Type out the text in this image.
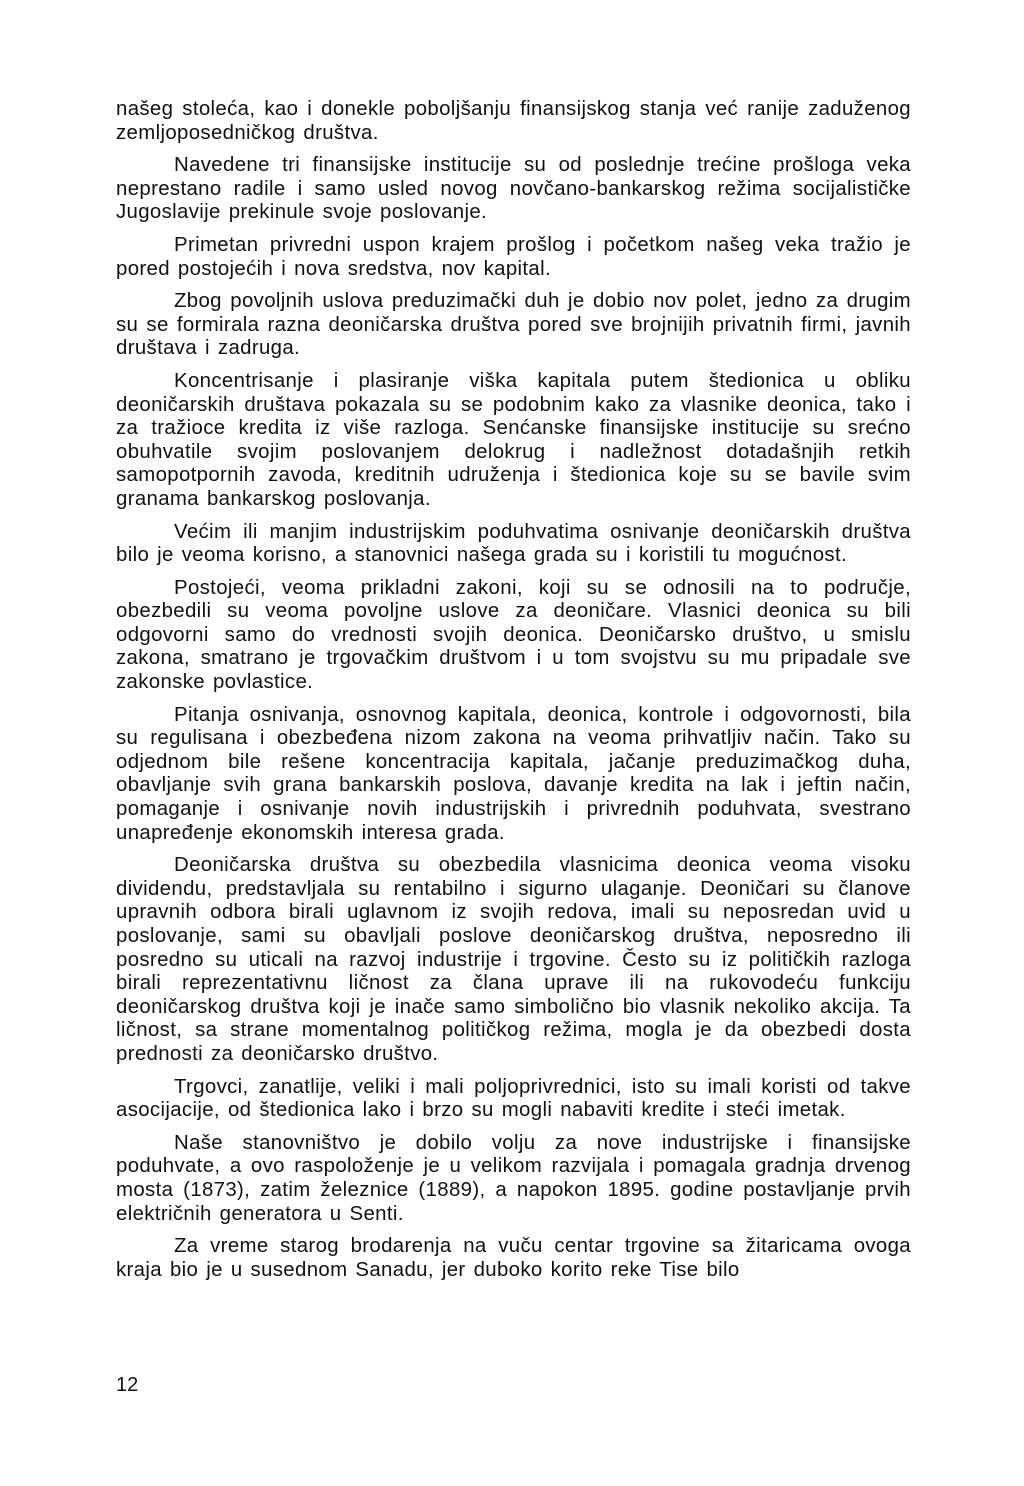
našeg stoleća, kao i donekle poboljšanju finansijskog stanja već ranije zaduženog zemljoposedničkog društva.

Navedene tri finansijske institucije su od poslednje trećine prošloga veka neprestano radile i samo usled novog novčano-bankarskog režima socijalističke Jugoslavije prekinule svoje poslovanje.

Primetan privredni uspon krajem prošlog i početkom našeg veka tražio je pored postojećih i nova sredstva, nov kapital.

Zbog povoljnih uslova preduzimački duh je dobio nov polet, jedno za drugim su se formirala razna deoničarska društva pored sve brojnijih privatnih firmi, javnih društava i zadruga.

Koncentrisanje i plasiranje viška kapitala putem štedionica u obliku deoničarskih društava pokazala su se podobnim kako za vlasnike deonica, tako i za tražioce kredita iz više razloga. Senćanske finansijske institucije su srećno obuhvatile svojim poslovanjem delokrug i nadležnost dotadašnjih retkih samopotpornih zavoda, kreditnih udruženja i štedionica koje su se bavile svim granama bankarskog poslovanja.

Većim ili manjim industrijskim poduhvatima osnivanje deoničarskih društva bilo je veoma korisno, a stanovnici našega grada su i koristili tu mogućnost.

Postojeći, veoma prikladni zakoni, koji su se odnosili na to područje, obezbedili su veoma povoljne uslove za deoničare. Vlasnici deonica su bili odgovorni samo do vrednosti svojih deonica. Deoničarsko društvo, u smislu zakona, smatrano je trgovačkim društvom i u tom svojstvu su mu pripadale sve zakonske povlastice.

Pitanja osnivanja, osnovnog kapitala, deonica, kontrole i odgovornosti, bila su regulisana i obezbeđena nizom zakona na veoma prihvatljiv način. Tako su odjednom bile rešene koncentracija kapitala, jačanje preduzimačkog duha, obavljanje svih grana bankarskih poslova, davanje kredita na lak i jeftin način, pomaganje i osnivanje novih industrijskih i privrednih poduhvata, svestrano unapređenje ekonomskih interesa grada.

Deoničarska društva su obezbedila vlasnicima deonica veoma visoku dividendu, predstavljala su rentabilno i sigurno ulaganje. Deoničari su članove upravnih odbora birali uglavnom iz svojih redova, imali su neposredan uvid u poslovanje, sami su obavljali poslove deoničarskog društva, neposredno ili posredno su uticali na razvoj industrije i trgovine. Često su iz političkih razloga birali reprezentativnu ličnost za člana uprave ili na rukovodeću funkciju deoničarskog društva koji je inače samo simbolično bio vlasnik nekoliko akcija. Ta ličnost, sa strane momentalnog političkog režima, mogla je da obezbedi dosta prednosti za deoničarsko društvo.

Trgovci, zanatlije, veliki i mali poljoprivrednici, isto su imali koristi od takve asocijacije, od štedionica lako i brzo su mogli nabaviti kredite i steći imetak.

Naše stanovništvo je dobilo volju za nove industrijske i finansijske poduhvate, a ovo raspoloženje je u velikom razvijala i pomagala gradnja drvenog mosta (1873), zatim železnice (1889), a napokon 1895. godine postavljanje prvih električnih generatora u Senti.

Za vreme starog brodarenja na vuču centar trgovine sa žitaricama ovoga kraja bio je u susednom Sanadu, jer duboko korito reke Tise bilo

12
